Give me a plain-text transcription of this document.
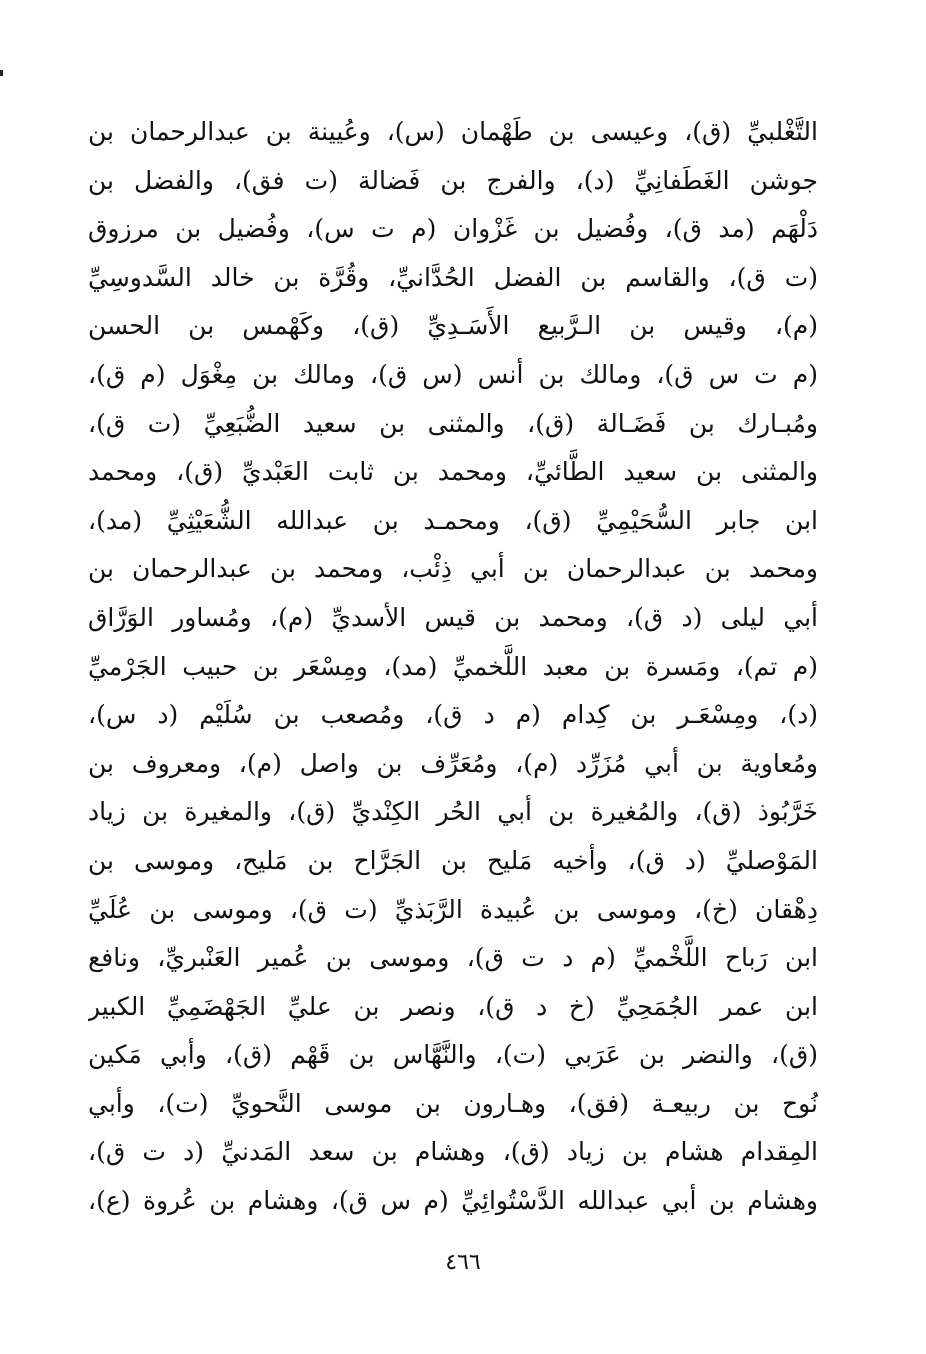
التَّغْلبيِّ (ق)، وعيسى بن طَهْمان (س)، وعُيينة بن عبدالرحمان بن
جوشن الغَطَفانِيِّ (د)، والفرج بن فَضالة (ت فق)، والفضل بن
دَلْهَم (مد ق)، وفُضيل بن غَزْوان (م ت س)، وفُضيل بن مرزوق
(ت ق)، والقاسم بن الفضل الحُدَّانيِّ، وقُرَّة بن خالد السَّدوسِيِّ
(م)، وقيس بن الـرَّبيع الأَسَـدِيِّ (ق)، وكَهْمس بن الحسن
(م ت س ق)، ومالك بن أنس (س ق)، ومالك بن مِغْوَل (م ق)،
ومُبـارك بن فَضَـالة (ق)، والمثنى بن سعيد الضُّبَعِيِّ (ت ق)،
والمثنى بن سعيد الطَّائيِّ، ومحمد بن ثابت العَبْديِّ (ق)، ومحمد
ابن جابر السُّحَيْمِيِّ (ق)، ومحمـد بن عبدالله الشُّعَيْثِيِّ (مد)،
ومحمد بن عبدالرحمان بن أبي ذِئْب، ومحمد بن عبدالرحمان بن
أبي ليلى (د ق)، ومحمد بن قيس الأسديِّ (م)، ومُساور الوَرَّاق
(م تم)، ومَسرة بن معبد اللَّخميِّ (مد)، ومِسْعَر بن حبيب الجَرْميِّ
(د)، ومِسْعَـر بن كِدام (م د ق)، ومُصعب بن سُلَيْم (د س)،
ومُعاوية بن أبي مُزَرِّد (م)، ومُعَرِّف بن واصل (م)، ومعروف بن
خَرَّبُوذ (ق)، والمُغيرة بن أبي الحُر الكِنْديِّ (ق)، والمغيرة بن زياد
المَوْصليِّ (د ق)، وأخيه مَليح بن الجَرَّاح بن مَليح، وموسى بن
دِهْقان (خ)، وموسى بن عُبيدة الرَّبَذيِّ (ت ق)، وموسى بن عُلَيِّ
ابن رَباح اللَّخْميِّ (م د ت ق)، وموسى بن عُمير العَنْبريِّ، ونافع
ابن عمر الجُمَحِيِّ (خ د ق)، ونصر بن عليِّ الجَهْضَمِيِّ الكبير
(ق)، والنضر بن عَرَبي (ت)، والنَّهَّاس بن قَهْم (ق)، وأبي مَكين
نُوح بن ربيعـة (فق)، وهـارون بن موسى النَّحويِّ (ت)، وأبي
المِقدام هشام بن زياد (ق)، وهشام بن سعد المَدنيِّ (د ت ق)،
وهشام بن أبي عبدالله الدَّسْتُوائِيِّ (م س ق)، وهشام بن عُروة (ع)،
٤٦٦
